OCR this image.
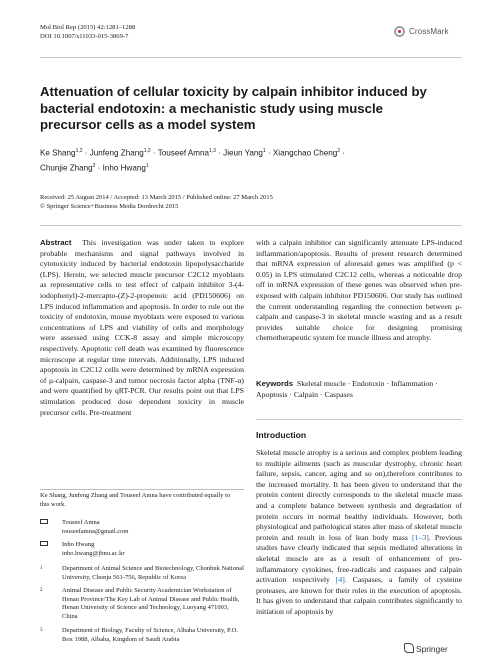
Mol Biol Rep (2015) 42:1281–1288
DOI 10.1007/s11033-015-3869-7
CrossMark
Attenuation of cellular toxicity by calpain inhibitor induced by bacterial endotoxin: a mechanistic study using muscle precursor cells as a model system
Ke Shang$^{1,2}$ · Junfeng Zhang$^{1,2}$ · Touseef Amna$^{1,3}$ · Jieun Yang$^1$ · Xiangchao Cheng$^2$ ·
Chunjie Zhang$^2$ · Inho Hwang$^1$
Received: 25 August 2014 / Accepted: 13 March 2015 / Published online: 27 March 2015
© Springer Science+Business Media Dordrecht 2015

Abstract This investigation was under taken to explore probable mechanisms and signal pathways involved in cytotoxicity induced by bacterial endotoxin lipopolysaccharide (LPS). Herein, we selected muscle precursor C2C12 myoblasts as representative cells to test effect of calpain inhibitor 3-(4-iodophenyl)-2-mercapto-(Z)-2-propenoic acid (PD150606) on LPS induced inflammation and apoptosis. In order to rule out the toxicity of endotoxin, mouse myoblasts were exposed to various concentrations of LPS and viability of cells and morphology were assessed using CCK-8 assay and simple microscopy respectively. Apoptotic cell death was examined by fluorescence microscope at regular time intervals. Additionally, LPS induced apoptosis in C2C12 cells were determined by mRNA expression of μ-calpain, caspase-3 and tumor necrosis factor alpha (TNF-α) and were quantified by qRT-PCR. Our results point out that LPS stimulation produced dose dependent toxicity in muscle precursor cells. Pre-treatment

with a calpain inhibitor can significantly attenuate LPS-induced inflammation/apoptosis. Results of present research determined that mRNA expression of aforesaid genes was amplified (p < 0.05) in LPS stimulated C2C12 cells, whereas a noticeable drop off in mRNA expression of these genes was observed when pre-exposed with calpain inhibitor PD150606. Our study has outlined the current understanding regarding the connection between μ-calpain and caspase-3 in skeletal muscle wasting and as a result provides suitable choice for designing promising chemotherapeutic system for muscle illness and atrophy.

Keywords Skeletal muscle · Endotoxin · Inflammation · Apoptosis · Calpain · Caspases
Introduction

Skeletal muscle atrophy is a serious and complex problem leading to multiple ailments (such as muscular dystrophy, chronic heart failure, sepsis, cancer, aging and so on),therefore contributes to the increased mortality. It has been given to understand that the protein content directly corresponds to the skeletal muscle mass and a complete balance between synthesis and degradation of protein occurs in normal healthy individuals. However, both physiological and pathological states alter mass of skeletal muscle protein and result in loss of lean body mass [1–3]. Previous studies have clearly indicated that sepsis mediated alterations in skeletal muscle are as a result of enhancement of pro-inflammatory cytokines, free-radicals and caspases and calpain activation respectively [4]. Caspases, a family of cysteine proteases, are known for their roles in the execution of apoptosis. It has given to understand that calpain contributes significantly to initiation of apoptosis by

Ke Shang, Junfeng Zhang and Touseef Amna have contributed equally to this work.
Touseef Amna
touseefamna@gmail.com
Inho Hwang
inho.hwang@jbnu.ac.kr
1	Department of Animal Science and Biotechnology, Chonbuk National University, Chonju 561-756, Republic of Korea
2	Animal Disease and Public Security Academician Workstation of Henan Province/The Key Lab of Animal Disease and Public Health, Henan University of Science and Technology, Luoyang 471003, China
3	Department of Biology, Faculty of Science, Albaha University, P.O. Box 1988, Albaha, Kingdom of Saudi Arabia
Springer
